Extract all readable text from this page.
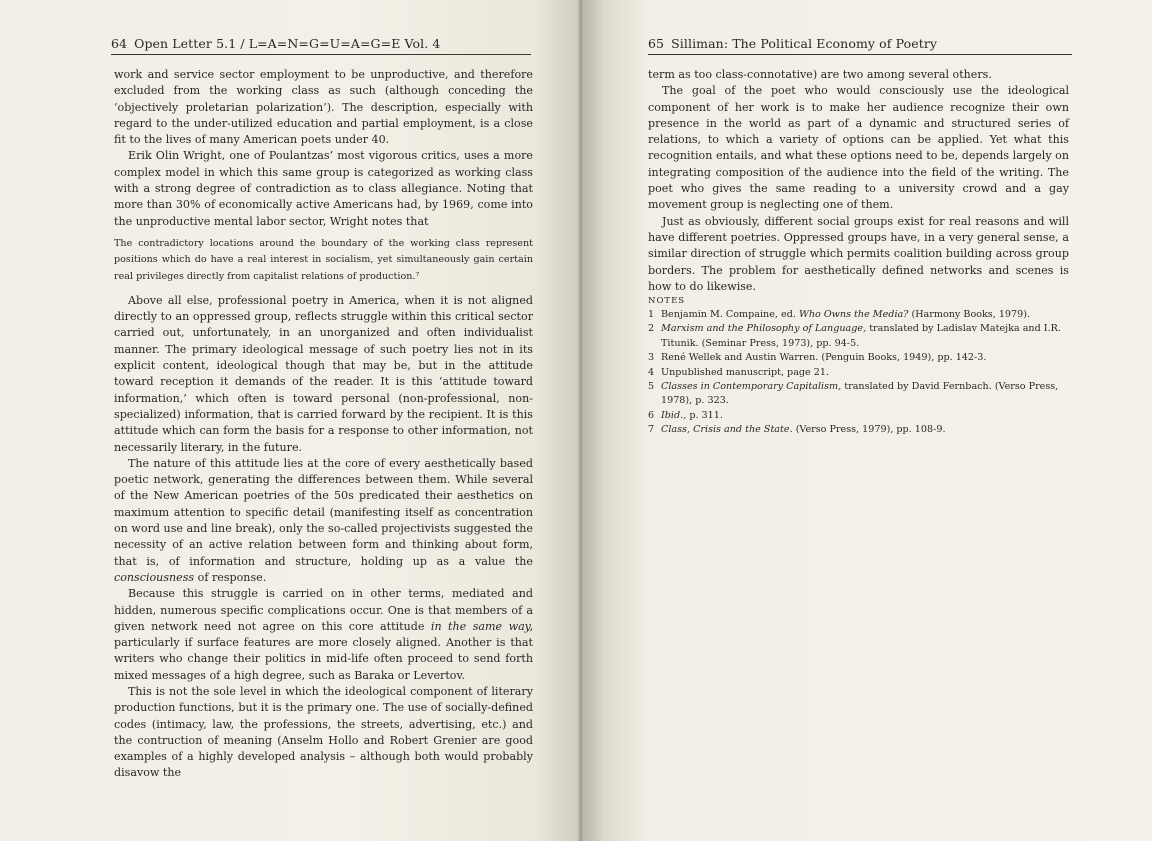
64 Open Letter 5.1 / L=A=N=G=U=A=G=E Vol. 4

work and service sector employment to be unproductive, and therefore excluded from the working class as such (although conceding the ‘objectively proletarian polarization’). The description, especially with regard to the under-utilized education and partial employment, is a close fit to the lives of many American poets under 40.

Erik Olin Wright, one of Poulantzas’ most vigorous critics, uses a more complex model in which this same group is categorized as working class with a strong degree of contradiction as to class allegiance. Noting that more than 30% of economically active Americans had, by 1969, come into the unproductive mental labor sector, Wright notes that

The contradictory locations around the boundary of the working class represent positions which do have a real interest in socialism, yet simultaneously gain certain real privileges directly from capitalist relations of production.⁷

Above all else, professional poetry in America, when it is not aligned directly to an oppressed group, reflects struggle within this critical sector carried out, unfortunately, in an unorganized and often individualist manner. The primary ideological message of such poetry lies not in its explicit content, ideological though that may be, but in the attitude toward reception it demands of the reader. It is this ‘attitude toward information,’ which often is toward personal (non-professional, non-specialized) information, that is carried forward by the recipient. It is this attitude which can form the basis for a response to other information, not necessarily literary, in the future.

The nature of this attitude lies at the core of every aesthetically based poetic network, generating the differences between them. While several of the New American poetries of the 50s predicated their aesthetics on maximum attention to specific detail (manifesting itself as concentration on word use and line break), only the so-called projectivists suggested the necessity of an active relation between form and thinking about form, that is, of information and structure, holding up as a value the consciousness of response.

Because this struggle is carried on in other terms, mediated and hidden, numerous specific complications occur. One is that members of a given network need not agree on this core attitude in the same way, particularly if surface features are more closely aligned. Another is that writers who change their politics in mid-life often proceed to send forth mixed messages of a high degree, such as Baraka or Levertov.

This is not the sole level in which the ideological component of literary production functions, but it is the primary one. The use of socially-defined codes (intimacy, law, the professions, the streets, advertising, etc.) and the contruction of meaning (Anselm Hollo and Robert Grenier are good examples of a highly developed analysis – although both would probably disavow the

65 Silliman: The Political Economy of Poetry

term as too class-connotative) are two among several others.

The goal of the poet who would consciously use the ideological component of her work is to make her audience recognize their own presence in the world as part of a dynamic and structured series of relations, to which a variety of options can be applied. Yet what this recognition entails, and what these options need to be, depends largely on integrating composition of the audience into the field of the writing. The poet who gives the same reading to a university crowd and a gay movement group is neglecting one of them.

Just as obviously, different social groups exist for real reasons and will have different poetries. Oppressed groups have, in a very general sense, a similar direction of struggle which permits coalition building across group borders. The problem for aesthetically defined networks and scenes is how to do likewise.

NOTES
1 Benjamin M. Compaine, ed. Who Owns the Media? (Harmony Books, 1979).
2 Marxism and the Philosophy of Language, translated by Ladislav Matejka and I.R. Titunik. (Seminar Press, 1973), pp. 94-5.
3 René Wellek and Austin Warren. (Penguin Books, 1949), pp. 142-3.
4 Unpublished manuscript, page 21.
5 Classes in Contemporary Capitalism, translated by David Fernbach. (Verso Press, 1978), p. 323.
6 Ibid., p. 311.
7 Class, Crisis and the State. (Verso Press, 1979), pp. 108-9.
